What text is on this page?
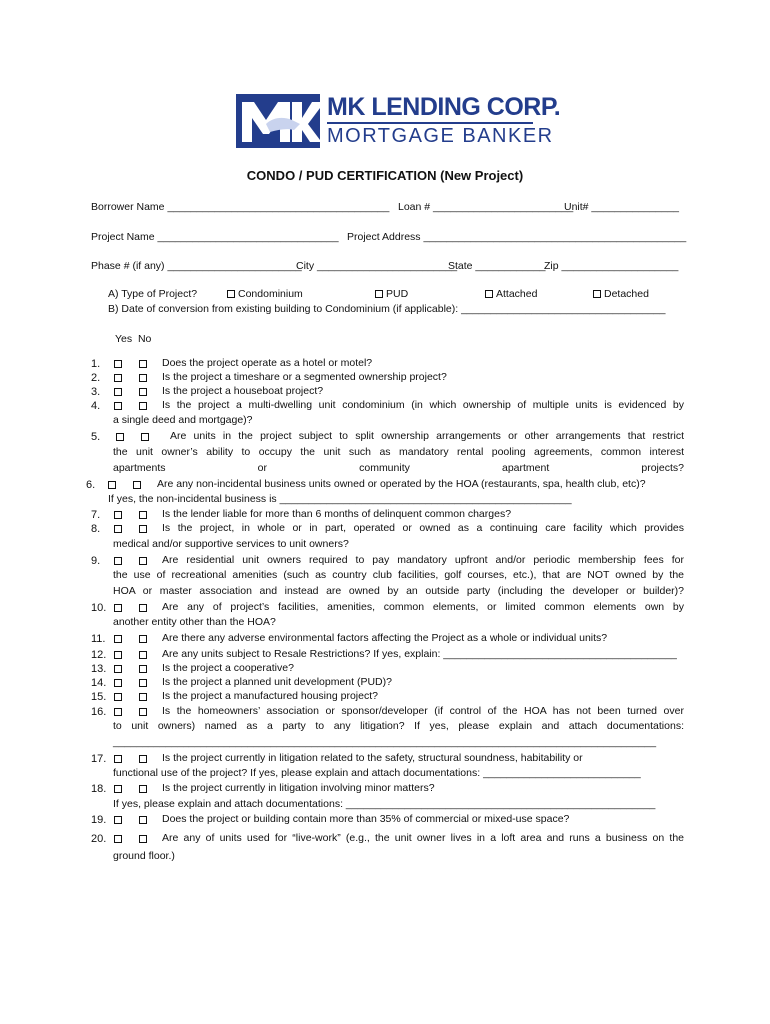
MK LENDING CORP.
MORTGAGE BANKER
CONDO / PUD CERTIFICATION (New Project)
Borrower Name ______________________________________ Loan # ________________________
Unit# _______________
Project Name _______________________________ Project Address _____________________________________________
Phase # (if any) _______________________
City ________________________
State ____________
Zip ____________________
A) Type of Project?	Condominium	PUD	Attached	Detached
B) Date of conversion from existing building to Condominium (if applicable): ___________________________________
Yes  No
1.	Does the project operate as a hotel or motel?
2.	Is the project a timeshare or a segmented ownership project?
3.	Is the project a houseboat project?
4.	Is the project a multi-dwelling unit condominium (in which ownership of multiple units is evidenced by
a single deed and mortgage)?
5.	Are units in the project subject to split ownership arrangements or other arrangements that restrict
the unit owner’s ability to occupy the unit such as mandatory rental pooling agreements, common interest
apartments or community apartment projects?
6.	Are any non-incidental business units owned or operated by the HOA (restaurants, spa, health club, etc)?
If yes, the non-incidental business is __________________________________________________
7.	Is the lender liable for more than 6 months of delinquent common charges?
8.	Is the project, in whole or in part, operated or owned as a continuing care facility which provides
medical and/or supportive services to unit owners?
9.	Are residential unit owners required to pay mandatory upfront and/or periodic membership fees for
the use of recreational amenities (such as country club facilities, golf courses, etc.), that are NOT owned by the
HOA or master association and instead are owned by an outside party (including the developer or builder)?
10.	Are any of project’s facilities, amenities, common elements, or limited common elements own by
another entity other than the HOA?
11.	Are there any adverse environmental factors affecting the Project as a whole or individual units?
12.	Are any units subject to Resale Restrictions? If yes, explain: ________________________________________
13.	Is the project a cooperative?
14.	Is the project a planned unit development (PUD)?
15.	Is the project a manufactured housing project?
16.	Is the homeowners’ association or sponsor/developer (if control of the HOA has not been turned over
to unit owners) named as a party to any litigation? If yes, please explain and attach documentations:
_____________________________________________________________________________________________
17.	Is the project currently in litigation related to the safety, structural soundness, habitability or
functional use of the project? If yes, please explain and attach documentations: ___________________________
18.	Is the project currently in litigation involving minor matters?
If yes, please explain and attach documentations: _____________________________________________________
19.	Does the project or building contain more than 35% of commercial or mixed-use space?
20.	Are any of units used for “live-work” (e.g., the unit owner lives in a loft area and runs a business on the
ground floor.)
